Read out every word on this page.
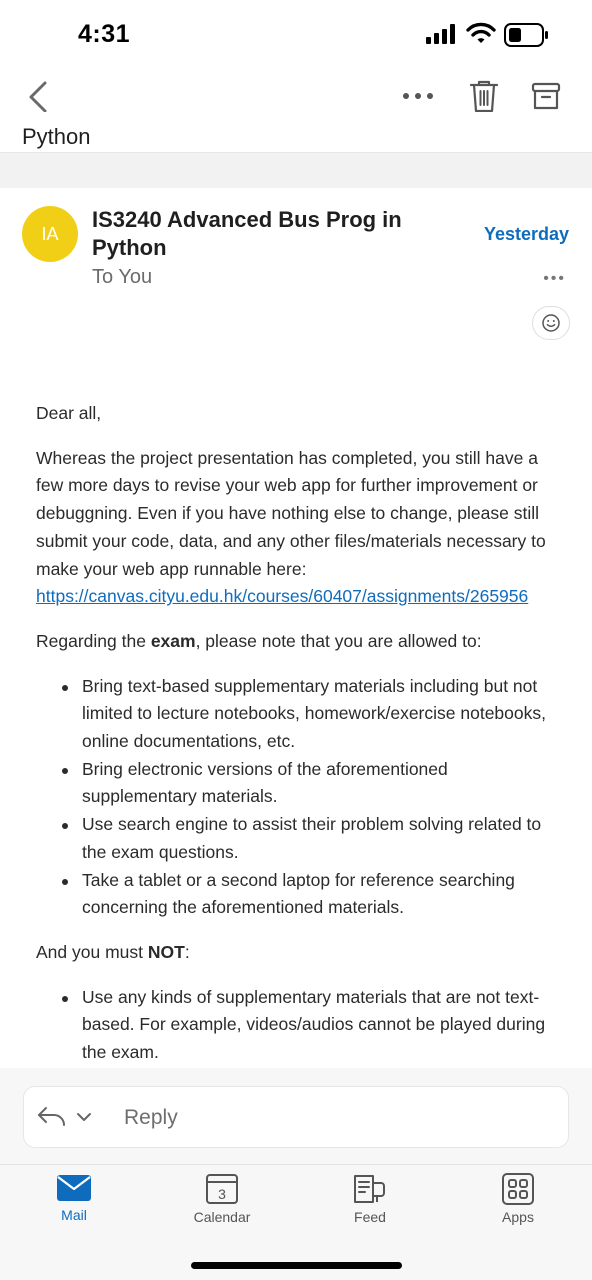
4:31
Python
IA
IS3240 Advanced Bus Prog in Python
To You
Yesterday
•••

Dear all,

Whereas the project presentation has completed, you still have a few more days to revise your web app for further improvement or debuggning. Even if you have nothing else to change, please still submit your code, data, and any other files/materials necessary to make your web app runnable here: https://canvas.cityu.edu.hk/courses/60407/assignments/265956

Regarding the exam, please note that you are allowed to:

Bring text-based supplementary materials including but not limited to lecture notebooks, homework/exercise notebooks, online documentations, etc.
Bring electronic versions of the aforementioned supplementary materials.
Use search engine to assist their problem solving related to the exam questions.
Take a tablet or a second laptop for reference searching concerning the aforementioned materials.

And you must NOT:

Use any kinds of supplementary materials that are not text-based. For example, videos/audios cannot be played during the exam.
Reply
Mail
3
Calendar	Feed	Apps
